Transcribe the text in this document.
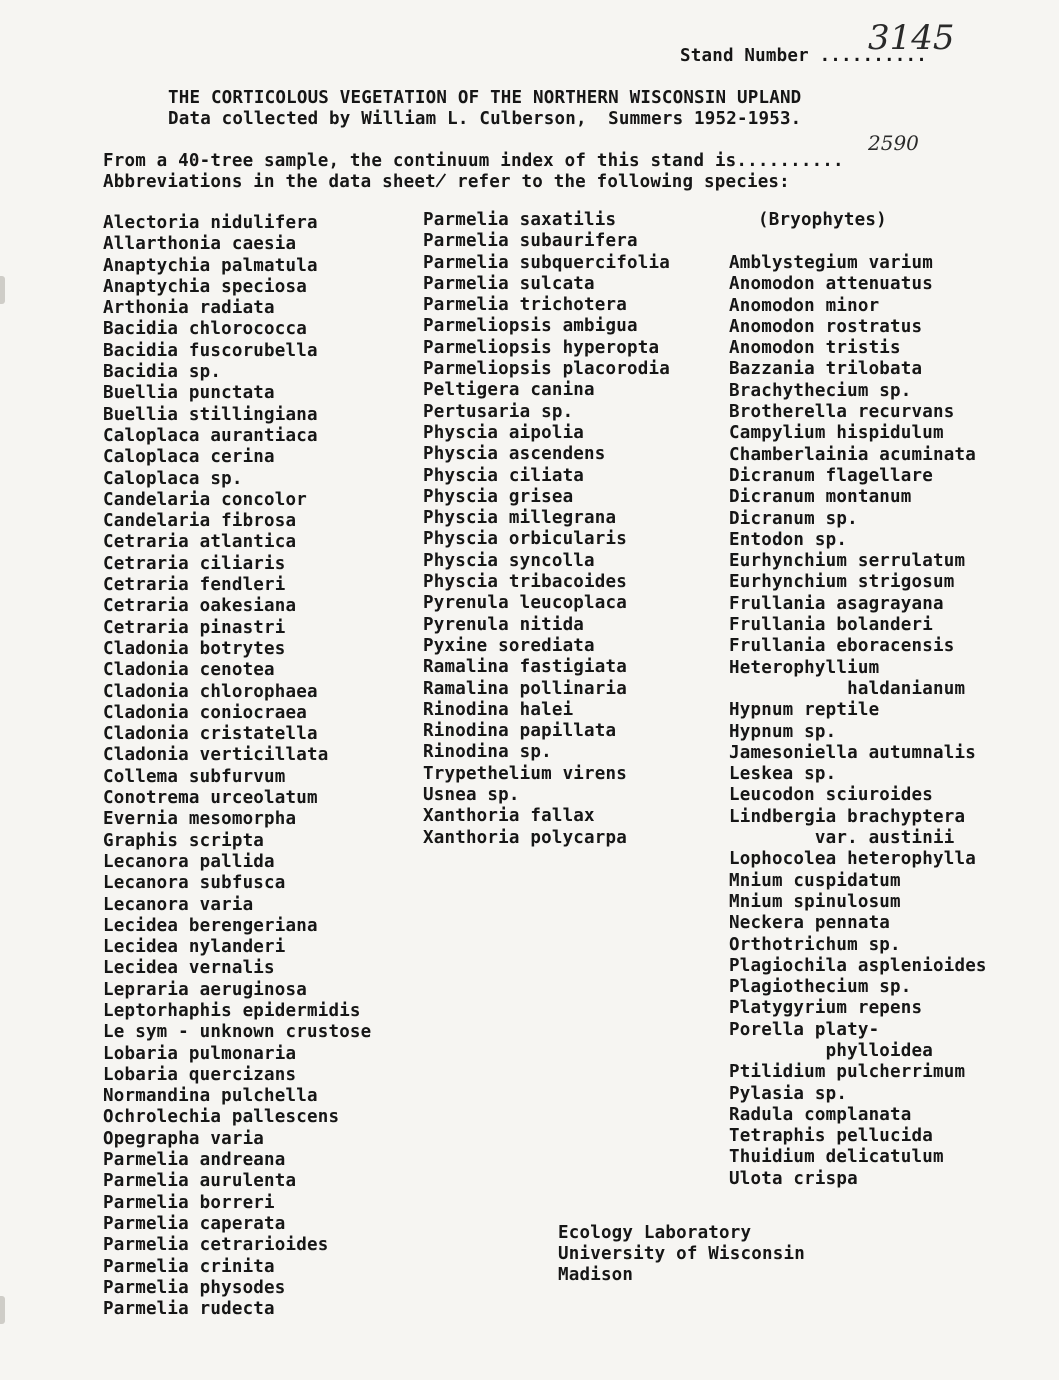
Stand Number ..........
3145
THE CORTICOLOUS VEGETATION OF THE NORTHERN WISCONSIN UPLAND
Data collected by William L. Culberson,  Summers 1952-1953.
2590
From a 40-tree sample, the continuum index of this stand is..........
Abbreviations in the data sheet̸ refer to the following species:
Alectoria nidulifera
Allarthonia caesia
Anaptychia palmatula
Anaptychia speciosa
Arthonia radiata
Bacidia chlorococca
Bacidia fuscorubella
Bacidia sp.
Buellia punctata
Buellia stillingiana
Caloplaca aurantiaca
Caloplaca cerina
Caloplaca sp.
Candelaria concolor
Candelaria fibrosa
Cetraria atlantica
Cetraria ciliaris
Cetraria fendleri
Cetraria oakesiana
Cetraria pinastri
Cladonia botrytes
Cladonia cenotea
Cladonia chlorophaea
Cladonia coniocraea
Cladonia cristatella
Cladonia verticillata
Collema subfurvum
Conotrema urceolatum
Evernia mesomorpha
Graphis scripta
Lecanora pallida
Lecanora subfusca
Lecanora varia
Lecidea berengeriana
Lecidea nylanderi
Lecidea vernalis
Lepraria aeruginosa
Leptorhaphis epidermidis
Le sym - unknown crustose
Lobaria pulmonaria
Lobaria quercizans
Normandina pulchella
Ochrolechia pallescens
Opegrapha varia
Parmelia andreana
Parmelia aurulenta
Parmelia borreri
Parmelia caperata
Parmelia cetrarioides
Parmelia crinita
Parmelia physodes
Parmelia rudecta
Parmelia saxatilis
Parmelia subaurifera
Parmelia subquercifolia
Parmelia sulcata
Parmelia trichotera
Parmeliopsis ambigua
Parmeliopsis hyperopta
Parmeliopsis placorodia
Peltigera canina
Pertusaria sp.
Physcia aipolia
Physcia ascendens
Physcia ciliata
Physcia grisea
Physcia millegrana
Physcia orbicularis
Physcia syncolla
Physcia tribacoides
Pyrenula leucoplaca
Pyrenula nitida
Pyxine sorediata
Ramalina fastigiata
Ramalina pollinaria
Rinodina halei
Rinodina papillata
Rinodina sp.
Trypethelium virens
Usnea sp.
Xanthoria fallax
Xanthoria polycarpa
(Bryophytes)
Amblystegium varium
Anomodon attenuatus
Anomodon minor
Anomodon rostratus
Anomodon tristis
Bazzania trilobata
Brachythecium sp.
Brotherella recurvans
Campylium hispidulum
Chamberlainia acuminata
Dicranum flagellare
Dicranum montanum
Dicranum sp.
Entodon sp.
Eurhynchium serrulatum
Eurhynchium strigosum
Frullania asagrayana
Frullania bolanderi
Frullania eboracensis
Heterophyllium
haldanianum
Hypnum reptile
Hypnum sp.
Jamesoniella autumnalis
Leskea sp.
Leucodon sciuroides
Lindbergia brachyptera
var. austinii
Lophocolea heterophylla
Mnium cuspidatum
Mnium spinulosum
Neckera pennata
Orthotrichum sp.
Plagiochila asplenioides
Plagiothecium sp.
Platygyrium repens
Porella platy-
phylloidea
Ptilidium pulcherrimum
Pylasia sp.
Radula complanata
Tetraphis pellucida
Thuidium delicatulum
Ulota crispa
Ecology Laboratory
University of Wisconsin
Madison
